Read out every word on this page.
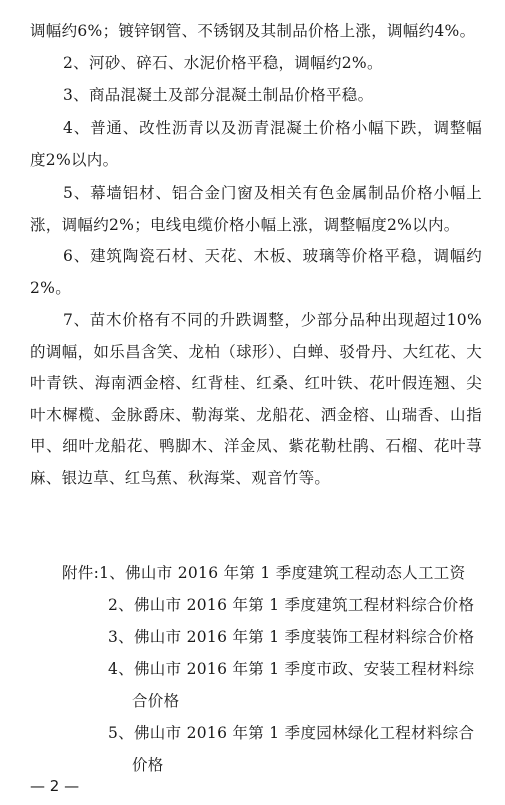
调幅约6%；镀锌钢管、不锈钢及其制品价格上涨，调幅约4%。

2、河砂、碎石、水泥价格平稳，调幅约2%。

3、商品混凝土及部分混凝土制品价格平稳。

4、普通、改性沥青以及沥青混凝土价格小幅下跌，调整幅度2%以内。

5、幕墙铝材、铝合金门窗及相关有色金属制品价格小幅上涨，调幅约2%；电线电缆价格小幅上涨，调整幅度2%以内。

6、建筑陶瓷石材、天花、木板、玻璃等价格平稳，调幅约2%。

7、苗木价格有不同的升跌调整，少部分品种出现超过10%的调幅，如乐昌含笑、龙柏（球形）、白蝉、驳骨丹、大红花、大叶青铁、海南洒金榕、红背桂、红桑、红叶铁、花叶假连翘、尖叶木樨榄、金脉爵床、勒海棠、龙船花、洒金榕、山瑞香、山指甲、细叶龙船花、鸭脚木、洋金凤、紫花勒杜鹃、石榴、花叶荨麻、银边草、红鸟蕉、秋海棠、观音竹等。

附件:1、佛山市 2016 年第 1 季度建筑工程动态人工工资
2、佛山市 2016 年第 1 季度建筑工程材料综合价格
3、佛山市 2016 年第 1 季度装饰工程材料综合价格
4、佛山市 2016 年第 1 季度市政、安装工程材料综
合价格
5、佛山市 2016 年第 1 季度园林绿化工程材料综合
价格
— 2 —
